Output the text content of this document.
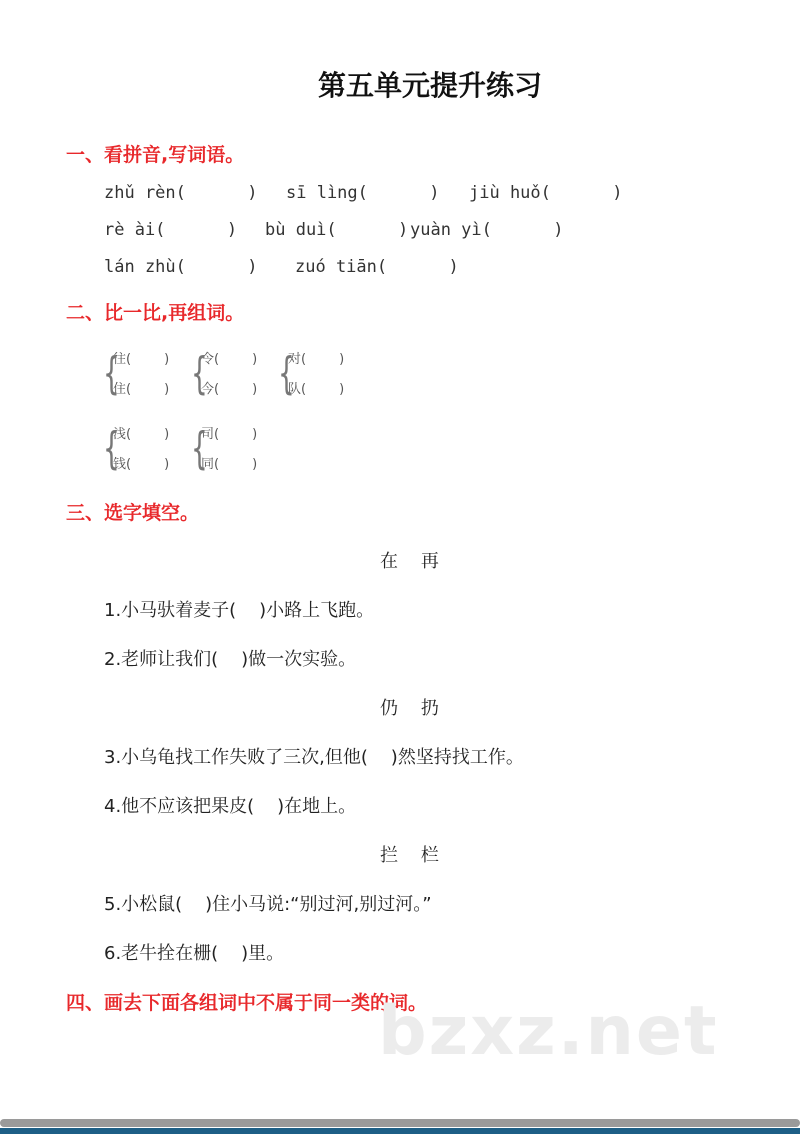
第五单元提升练习
一、看拼音,写词语。
zhǔ rèn(      ) sī lìng(      ) jiù huǒ(      )
rè ài(      ) bù duì(      ) yuàn yì(      )
lán zhù(      ) zuó tiān(      )
二、比一比,再组词。
{
往(        )
住(        ) {
令(        )
今(        ) {
对(        )
队(        )
{
浅(        )
钱(        ) {
司(        )
同(        )
三、选字填空。
在    再
1.小马驮着麦子(    )小路上飞跑。
2.老师让我们(    )做一次实验。
仍    扔
3.小乌龟找工作失败了三次,但他(    )然坚持找工作。
4.他不应该把果皮(    )在地上。
拦    栏
5.小松鼠(    )住小马说:“别过河,别过河。”
6.老牛拴在栅(    )里。
四、画去下面各组词中不属于同一类的词。
bzxz.net
